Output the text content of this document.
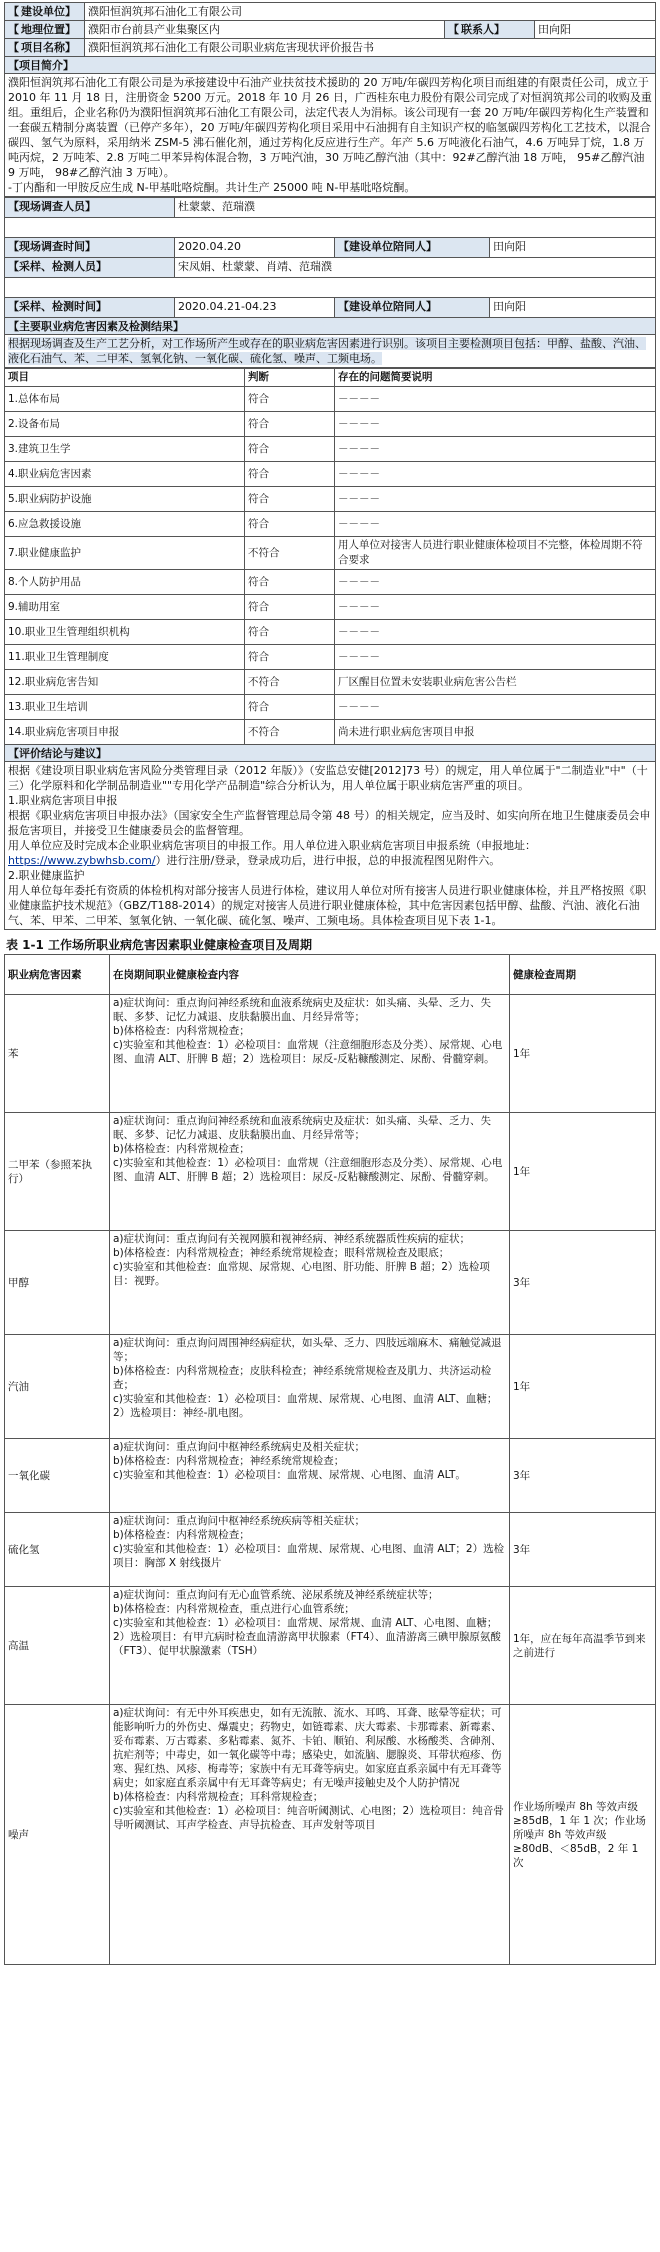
【 建设单位】	濮阳恒润筑邦石油化工有限公司		
【 地理位置】	濮阳市台前县产业集聚区内	【 联系人】	田向阳
【 项目名称】	濮阳恒润筑邦石油化工有限公司职业病危害现状评价报告书		
【项目简介】
濮阳恒润筑邦石油化工有限公司是为承接建设中石油产业扶贫技术援助的 20 万吨/年碳四芳构化项目而组建的有限责任公司，成立于 2010 年 11 月 18 日，注册资金 5200 万元。2018 年 10 月 26 日，广西桂东电力股份有限公司完成了对恒润筑邦公司的收购及重组。重组后，企业名称仍为濮阳恒润筑邦石油化工有限公司，法定代表人为涓标。该公司现有一套 20 万吨/年碳四芳构化生产装置和一套碳五精制分离装置（已停产多年），20 万吨/年碳四芳构化项目采用中石油拥有自主知识产权的临氢碳四芳构化工艺技术，以混合碳四、氢气为原料，采用纳米 ZSM-5 沸石催化剂，通过芳构化反应进行生产。年产 5.6 万吨液化石油气，4.6 万吨异丁烷，1.8 万吨丙烷，2 万吨苯、2.8 万吨二甲苯异构体混合物，3 万吨汽油，30 万吨乙醇汽油（其中：92#乙醇汽油 18 万吨， 95#乙醇汽油 9 万吨， 98#乙醇汽油 3 万吨）。
-丁内酯和一甲胺反应生成 N-甲基吡咯烷酮。共计生产 25000 吨 N-甲基吡咯烷酮。
【现场调查人员】	杜蒙蒙、范瑞濮		

【现场调查时间】	2020.04.20	【建设单位陪同人】	田向阳
【采样、检测人员】	宋凤娟、杜蒙蒙、肖靖、范瑞濮		

【采样、检测时间】	2020.04.21-04.23	【建设单位陪同人】	田向阳
【主要职业病危害因素及检测结果】
根据现场调查及生产工艺分析，对工作场所产生或存在的职业病危害因素进行识别。该项目主要检测项目包括：甲醇、盐酸、汽油、液化石油气、苯、二甲苯、氢氧化钠、一氧化碳、硫化氢、噪声、工频电场。
项目	判断	存在的问题简要说明
1.总体布局	符合	－－－－
2.设备布局	符合	－－－－
3.建筑卫生学	符合	－－－－
4.职业病危害因素	符合	－－－－
5.职业病防护设施	符合	－－－－
6.应急救援设施	符合	－－－－
7.职业健康监护	不符合	用人单位对接害人员进行职业健康体检项目不完整，体检周期不符合要求
8.个人防护用品	符合	－－－－
9.辅助用室	符合	－－－－
10.职业卫生管理组织机构	符合	－－－－
11.职业卫生管理制度	符合	－－－－
12.职业病危害告知	不符合	厂区醒目位置未安装职业病危害公告栏
13.职业卫生培训	符合	－－－－
14.职业病危害项目申报	不符合	尚未进行职业病危害项目申报
【评价结论与建议】
根据《建设项目职业病危害风险分类管理目录（2012 年版）》（安监总安健[2012]73 号）的规定，用人单位属于"二制造业"中"（十三）化学原料和化学制品制造业""专用化学产品制造"综合分析认为，用人单位属于职业病危害严重的项目。
1.职业病危害项目申报
根据《职业病危害项目申报办法》（国家安全生产监督管理总局令第 48 号）的相关规定，应当及时、如实向所在地卫生健康委员会申报危害项目，并接受卫生健康委员会的监督管理。
用人单位应及时完成本企业职业病危害项目的申报工作。用人单位进入职业病危害项目申报系统（申报地址：https://www.zybwhsb.com/）进行注册/登录，登录成功后，进行申报，总的申报流程图见附件六。
2.职业健康监护
用人单位每年委托有资质的体检机构对部分接害人员进行体检，建议用人单位对所有接害人员进行职业健康体检，并且严格按照《职业健康监护技术规范》（GBZ/T188-2014）的规定对接害人员进行职业健康体检，其中危害因素包括甲醇、盐酸、汽油、液化石油气、苯、甲苯、二甲苯、氢氧化钠、一氧化碳、硫化氢、噪声、工频电场。具体检查项目见下表 1-1。
表 1-1 工作场所职业病危害因素职业健康检查项目及周期
职业病危害因素	在岗期间职业健康检查内容	健康检查周期
苯	a)症状询问：重点询问神经系统和血液系统病史及症状：如头痛、头晕、乏力、失眠、多梦、记忆力减退、皮肤黏膜出血、月经异常等；
b)体格检查：内科常规检查；
c)实验室和其他检查：1）必检项目：血常规（注意细胞形态及分类）、尿常规、心电图、血清 ALT、肝脾 B 超；2）选检项目：尿反-反粘糠酸测定、尿酚、骨髓穿刺。	1年
二甲苯（参照苯执行）	a)症状询问：重点询问神经系统和血液系统病史及症状：如头痛、头晕、乏力、失眠、多梦、记忆力减退、皮肤黏膜出血、月经异常等；
b)体格检查：内科常规检查；
c)实验室和其他检查：1）必检项目：血常规（注意细胞形态及分类）、尿常规、心电图、血清 ALT、肝脾 B 超；2）选检项目：尿反-反粘糠酸测定、尿酚、骨髓穿刺。	1年
甲醇	a)症状询问：重点询问有关视网膜和视神经病、神经系统器质性疾病的症状；
b)体格检查：内科常规检查；神经系统常规检查；眼科常规检查及眼底；
c)实验室和其他检查：血常规、尿常规、心电图、肝功能、肝脾 B 超；2）选检项目：视野。	3年
汽油	a)症状询问：重点询问周围神经病症状，如头晕、乏力、四肢远端麻木、痛触觉减退等；
b)体格检查：内科常规检查；皮肤科检查；神经系统常规检查及肌力、共济运动检查；
c)实验室和其他检查：1）必检项目：血常规、尿常规、心电图、血清 ALT、血糖；2）选检项目：神经-肌电图。	1年
一氧化碳	a)症状询问：重点询问中枢神经系统病史及相关症状；
b)体格检查：内科常规检查；神经系统常规检查；
c)实验室和其他检查：1）必检项目：血常规、尿常规、心电图、血清 ALT。	3年
硫化氢	a)症状询问：重点询问中枢神经系统疾病等相关症状；
b)体格检查：内科常规检查；
c)实验室和其他检查：1）必检项目：血常规、尿常规、心电图、血清 ALT；2）选检项目：胸部 X 射线摄片	3年
高温	a)症状询问：重点询问有无心血管系统、泌尿系统及神经系统症状等；
b)体格检查：内科常规检查，重点进行心血管系统；
c)实验室和其他检查：1）必检项目：血常规、尿常规、血清 ALT、心电图、血糖；2）选检项目：有甲亢病时检查血清游离甲状腺素（FT4）、血清游离三碘甲腺原氨酸（FT3）、促甲状腺激素（TSH）	1年，应在每年高温季节到来之前进行
噪声	a)症状询问：有无中外耳疾患史，如有无流脓、流水、耳鸣、耳聋、眩晕等症状；可能影响听力的外伤史、爆震史；药物史，如链霉素、庆大霉素、卡那霉素、新霉素、妥布霉素、万古霉素、多粘霉素、氮芥、卡铂、顺铂、利尿酸、水杨酸类、含砷剂、抗疟剂等；中毒史，如一氧化碳等中毒；感染史，如流脑、腮腺炎、耳带状疱疹、伤寒、猩红热、风疹、梅毒等；家族中有无耳聋等病史。如家庭直系亲属中有无耳聋等病史；如家庭直系亲属中有无耳聋等病史；有无噪声接触史及个人防护情况
b)体格检查：内科常规检查；耳科常规检查；
c)实验室和其他检查：1）必检项目：纯音听阈测试、心电图；2）选检项目：纯音骨导听阈测试、耳声学检查、声导抗检查、耳声发射等项目	作业场所噪声 8h 等效声级≥85dB，1 年 1 次；作业场所噪声 8h 等效声级≥80dB、＜85dB，2 年 1 次
